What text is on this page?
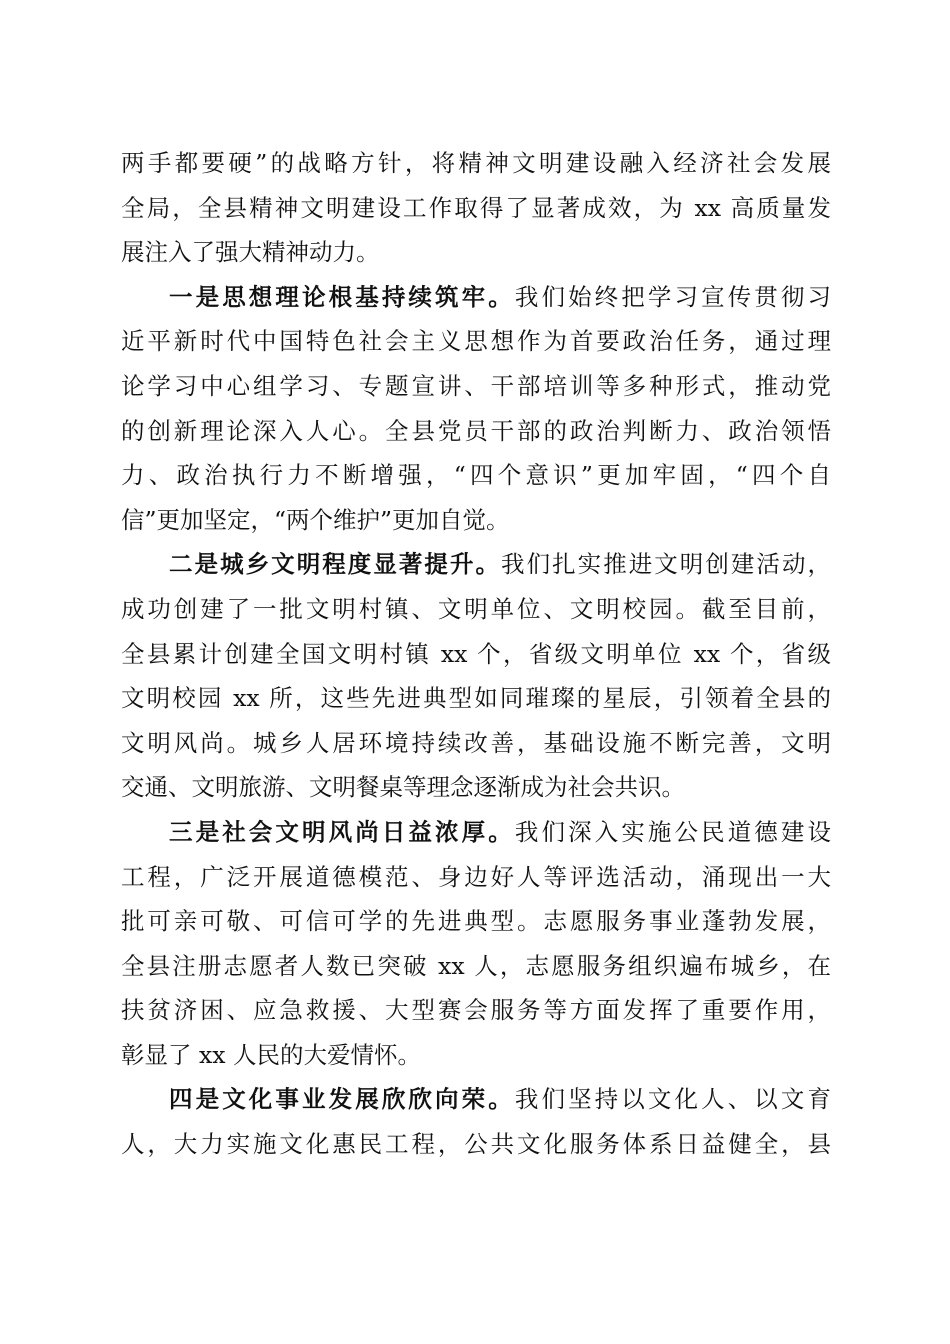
两手都要硬”的战略方针，将精神文明建设融入经济社会发展
全局，全县精神文明建设工作取得了显著成效，为 xx 高质量发
展注入了强大精神动力。

一是思想理论根基持续筑牢。我们始终把学习宣传贯彻习
近平新时代中国特色社会主义思想作为首要政治任务，通过理
论学习中心组学习、专题宣讲、干部培训等多种形式，推动党
的创新理论深入人心。全县党员干部的政治判断力、政治领悟
力、政治执行力不断增强，“四个意识”更加牢固，“四个自
信”更加坚定，“两个维护”更加自觉。

二是城乡文明程度显著提升。我们扎实推进文明创建活动，
成功创建了一批文明村镇、文明单位、文明校园。截至目前，
全县累计创建全国文明村镇 xx 个，省级文明单位 xx 个，省级
文明校园 xx 所，这些先进典型如同璀璨的星辰，引领着全县的
文明风尚。城乡人居环境持续改善，基础设施不断完善，文明
交通、文明旅游、文明餐桌等理念逐渐成为社会共识。

三是社会文明风尚日益浓厚。我们深入实施公民道德建设
工程，广泛开展道德模范、身边好人等评选活动，涌现出一大
批可亲可敬、可信可学的先进典型。志愿服务事业蓬勃发展，
全县注册志愿者人数已突破 xx 人，志愿服务组织遍布城乡，在
扶贫济困、应急救援、大型赛会服务等方面发挥了重要作用，
彰显了 xx 人民的大爱情怀。

四是文化事业发展欣欣向荣。我们坚持以文化人、以文育
人，大力实施文化惠民工程，公共文化服务体系日益健全，县
